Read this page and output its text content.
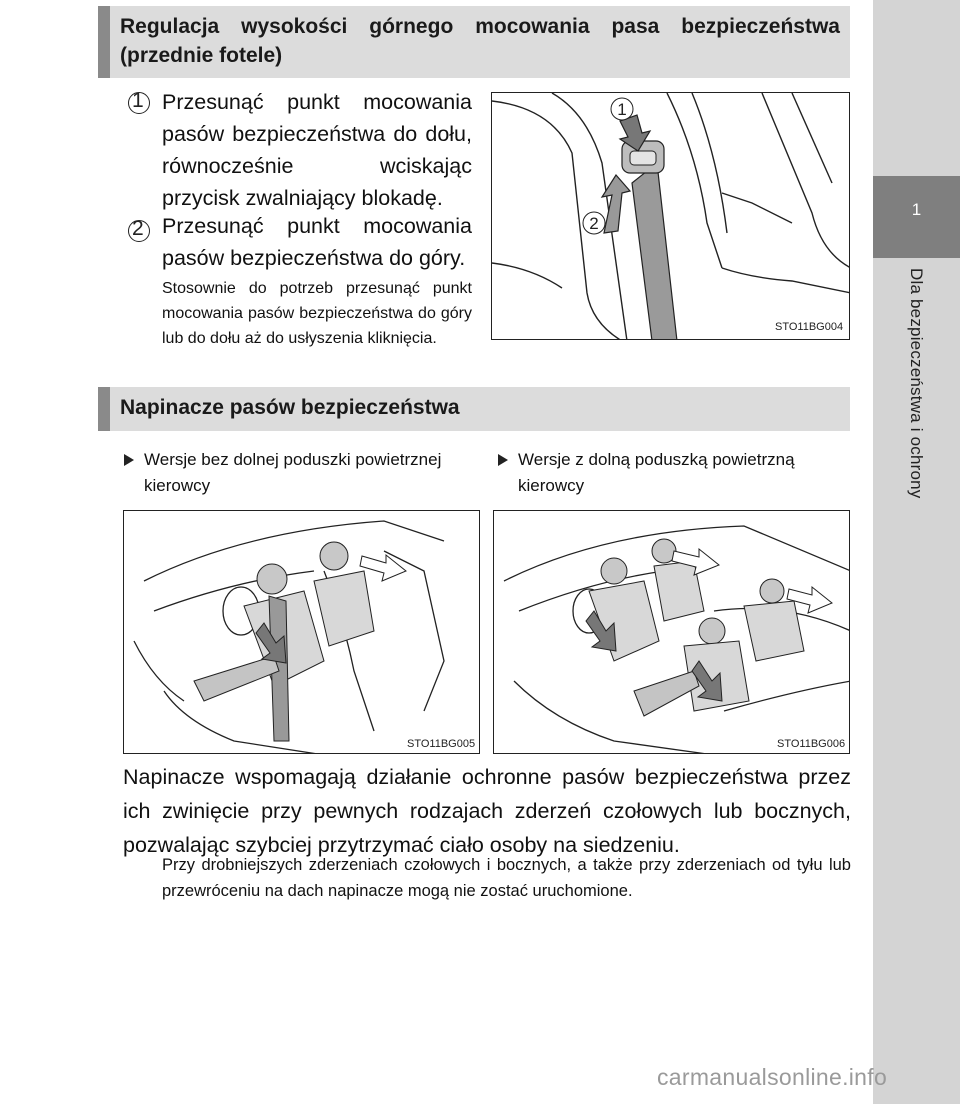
1
Dla bezpieczeństwa i ochrony
Regulacja wysokości górnego mocowania pasa bezpieczeństwa (przednie fotele)
1 Przesunąć punkt mocowania pasów bezpieczeństwa do dołu, równocześnie wciskając przycisk zwalniający blokadę.
2 Przesunąć punkt mocowania pasów bezpieczeństwa do góry.
Stosownie do potrzeb przesunąć punkt mocowania pasów bezpieczeństwa do góry lub do dołu aż do usłyszenia kliknięcia.
1
2
STO11BG004
Napinacze pasów bezpieczeństwa
Wersje bez dolnej poduszki powietrznej kierowcy
Wersje z dolną poduszką powietrzną kierowcy
STO11BG005	STO11BG006
Napinacze wspomagają działanie ochronne pasów bezpieczeństwa przez ich zwinięcie przy pewnych rodzajach zderzeń czołowych lub bocznych, pozwalając szybciej przytrzymać ciało osoby na siedzeniu.
Przy drobniejszych zderzeniach czołowych i bocznych, a także przy zderzeniach od tyłu lub przewróceniu na dach napinacze mogą nie zostać uruchomione.
carmanualsonline.info
